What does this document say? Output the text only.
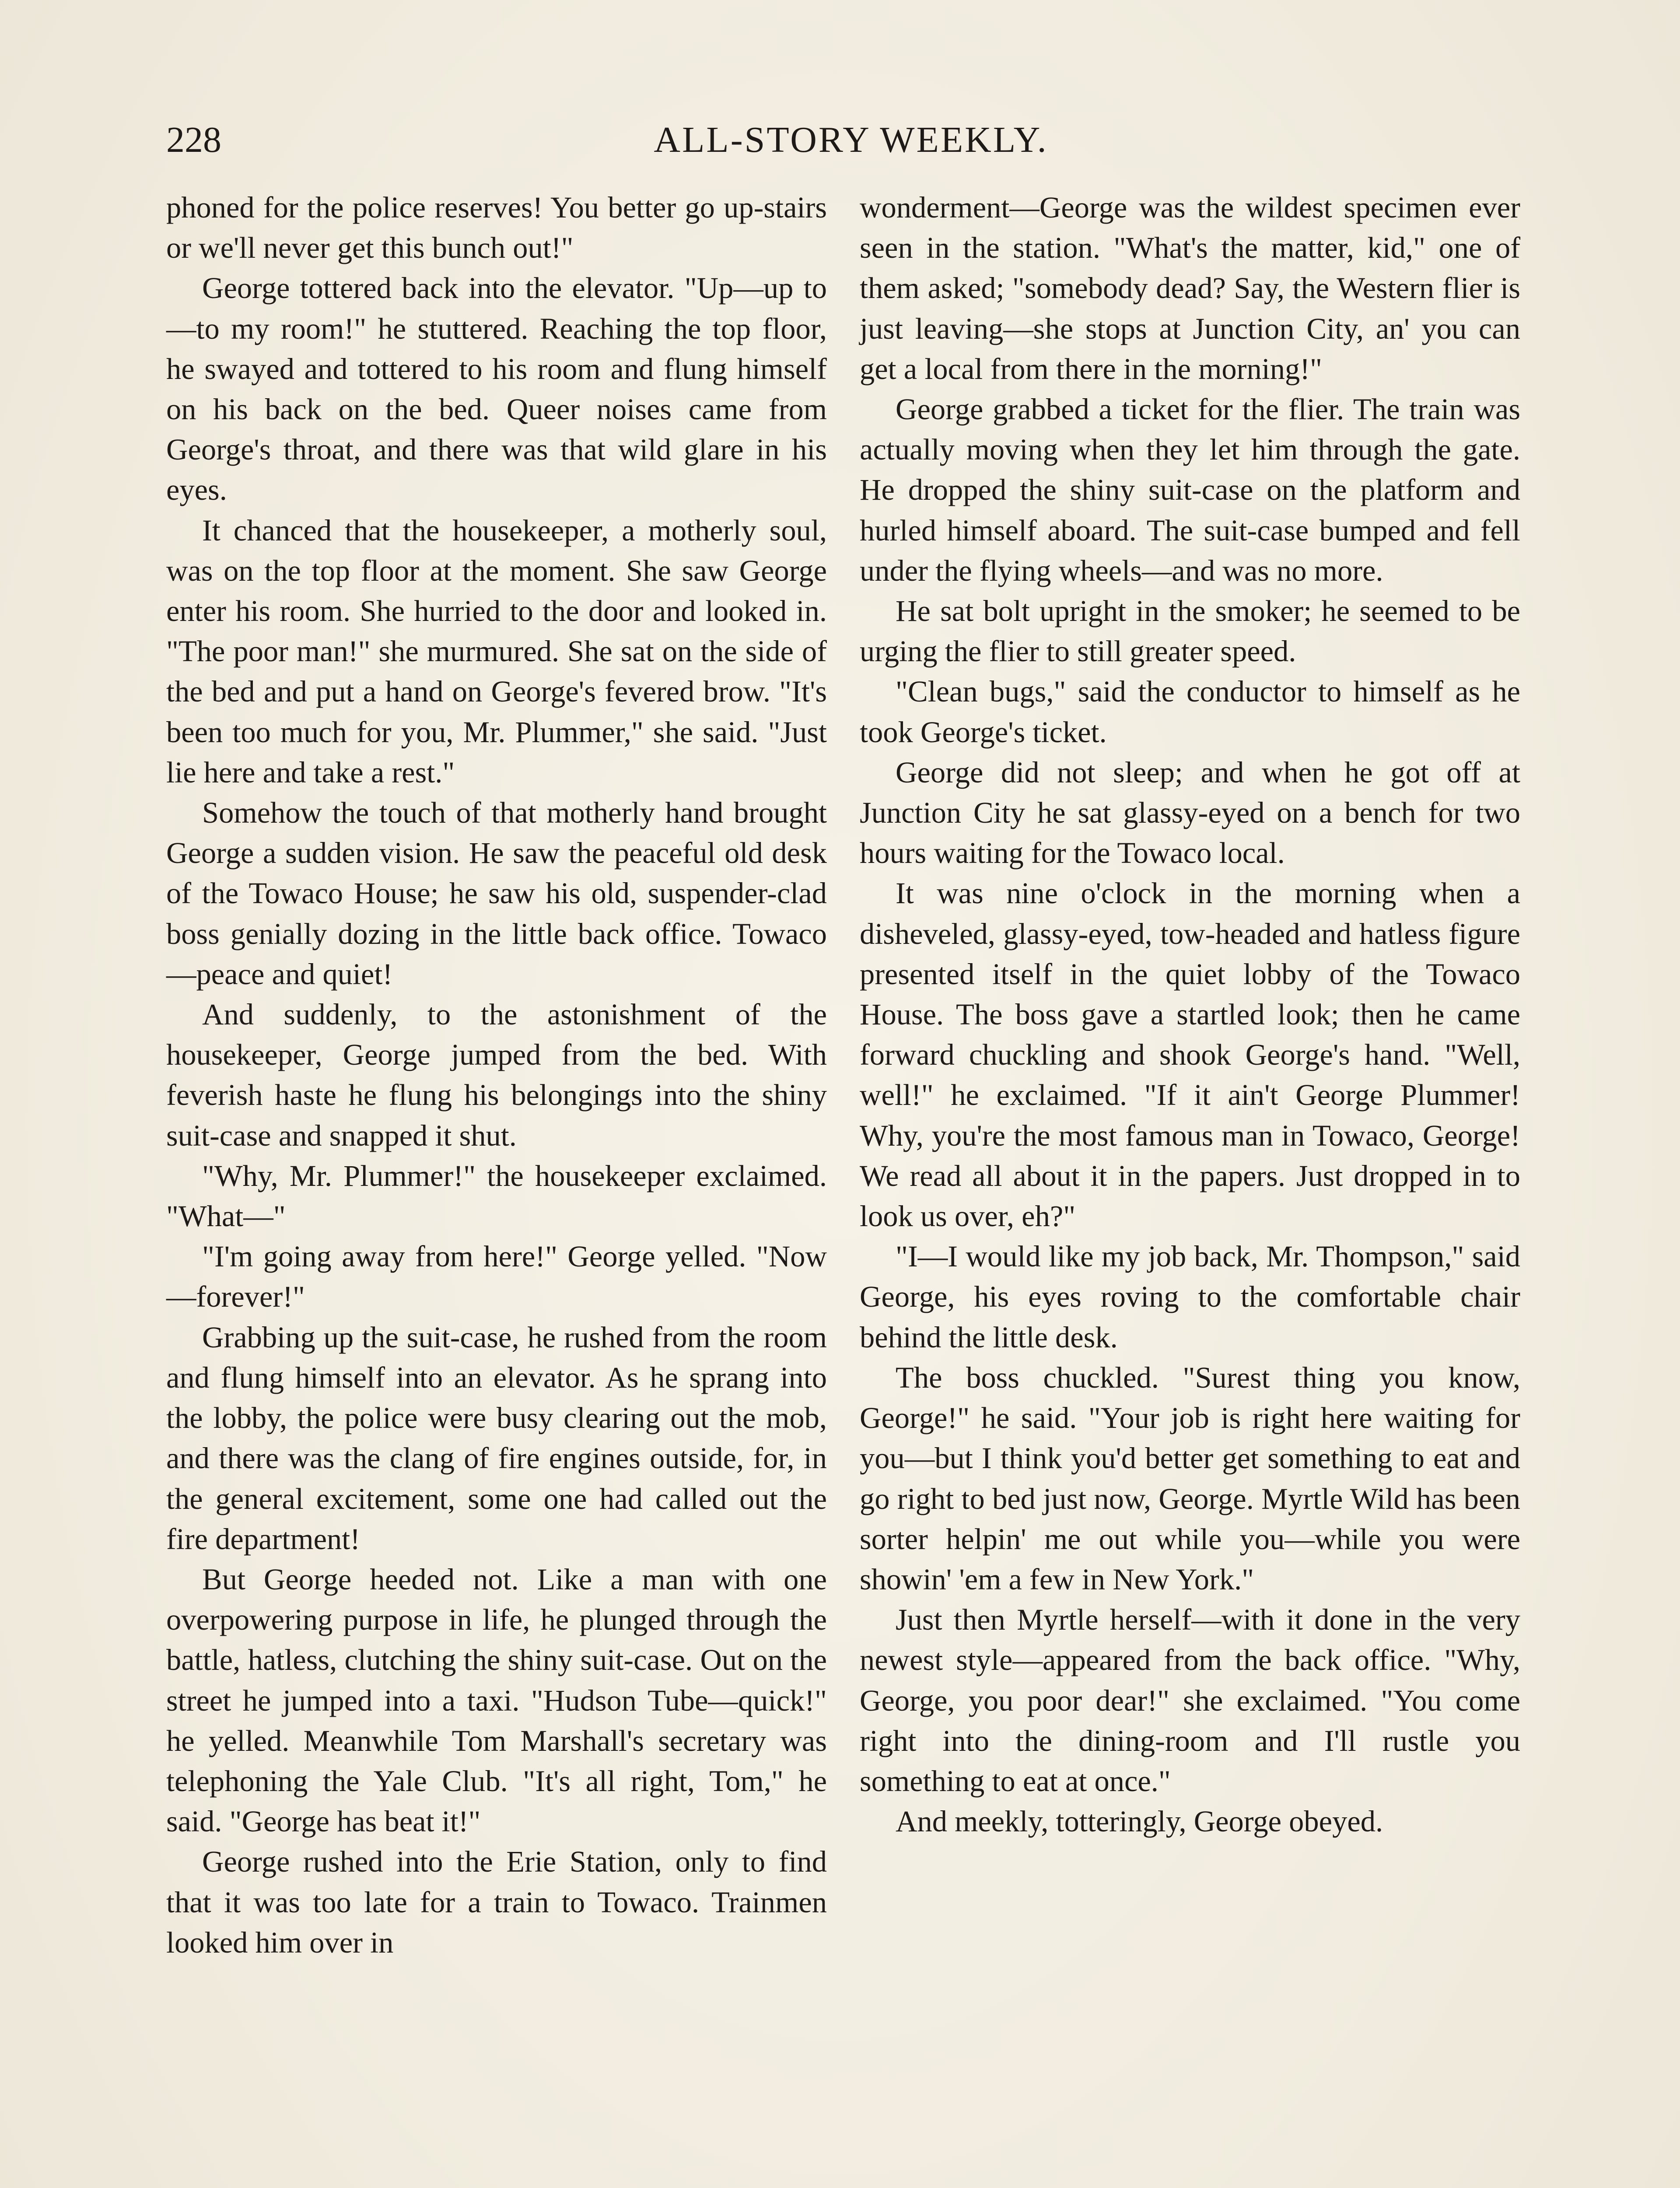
228	ALL-STORY WEEKLY.

phoned for the police reserves! You better go up-stairs or we'll never get this bunch out!"

George tottered back into the elevator. "Up—up to—to my room!" he stuttered. Reaching the top floor, he swayed and tottered to his room and flung himself on his back on the bed. Queer noises came from George's throat, and there was that wild glare in his eyes.

It chanced that the housekeeper, a motherly soul, was on the top floor at the moment. She saw George enter his room. She hurried to the door and looked in. "The poor man!" she murmured. She sat on the side of the bed and put a hand on George's fevered brow. "It's been too much for you, Mr. Plummer," she said. "Just lie here and take a rest."

Somehow the touch of that motherly hand brought George a sudden vision. He saw the peaceful old desk of the Towaco House; he saw his old, suspender-clad boss genially dozing in the little back office. Towaco—peace and quiet!

And suddenly, to the astonishment of the housekeeper, George jumped from the bed. With feverish haste he flung his belongings into the shiny suit-case and snapped it shut.

"Why, Mr. Plummer!" the housekeeper exclaimed. "What—"

"I'm going away from here!" George yelled. "Now—forever!"

Grabbing up the suit-case, he rushed from the room and flung himself into an elevator. As he sprang into the lobby, the police were busy clearing out the mob, and there was the clang of fire engines outside, for, in the general excitement, some one had called out the fire department!

But George heeded not. Like a man with one overpowering purpose in life, he plunged through the battle, hatless, clutching the shiny suit-case. Out on the street he jumped into a taxi. "Hudson Tube—quick!" he yelled. Meanwhile Tom Marshall's secretary was telephoning the Yale Club. "It's all right, Tom," he said. "George has beat it!"

George rushed into the Erie Station, only to find that it was too late for a train to Towaco. Trainmen looked him over in

wonderment—George was the wildest specimen ever seen in the station. "What's the matter, kid," one of them asked; "somebody dead? Say, the Western flier is just leaving—she stops at Junction City, an' you can get a local from there in the morning!"

George grabbed a ticket for the flier. The train was actually moving when they let him through the gate. He dropped the shiny suit-case on the platform and hurled himself aboard. The suit-case bumped and fell under the flying wheels—and was no more.

He sat bolt upright in the smoker; he seemed to be urging the flier to still greater speed.

"Clean bugs," said the conductor to himself as he took George's ticket.

George did not sleep; and when he got off at Junction City he sat glassy-eyed on a bench for two hours waiting for the Towaco local.

It was nine o'clock in the morning when a disheveled, glassy-eyed, tow-headed and hatless figure presented itself in the quiet lobby of the Towaco House. The boss gave a startled look; then he came forward chuckling and shook George's hand. "Well, well!" he exclaimed. "If it ain't George Plummer! Why, you're the most famous man in Towaco, George! We read all about it in the papers. Just dropped in to look us over, eh?"

"I—I would like my job back, Mr. Thompson," said George, his eyes roving to the comfortable chair behind the little desk.

The boss chuckled. "Surest thing you know, George!" he said. "Your job is right here waiting for you—but I think you'd better get something to eat and go right to bed just now, George. Myrtle Wild has been sorter helpin' me out while you—while you were showin' 'em a few in New York."

Just then Myrtle herself—with it done in the very newest style—appeared from the back office. "Why, George, you poor dear!" she exclaimed. "You come right into the dining-room and I'll rustle you something to eat at once."

And meekly, totteringly, George obeyed.
